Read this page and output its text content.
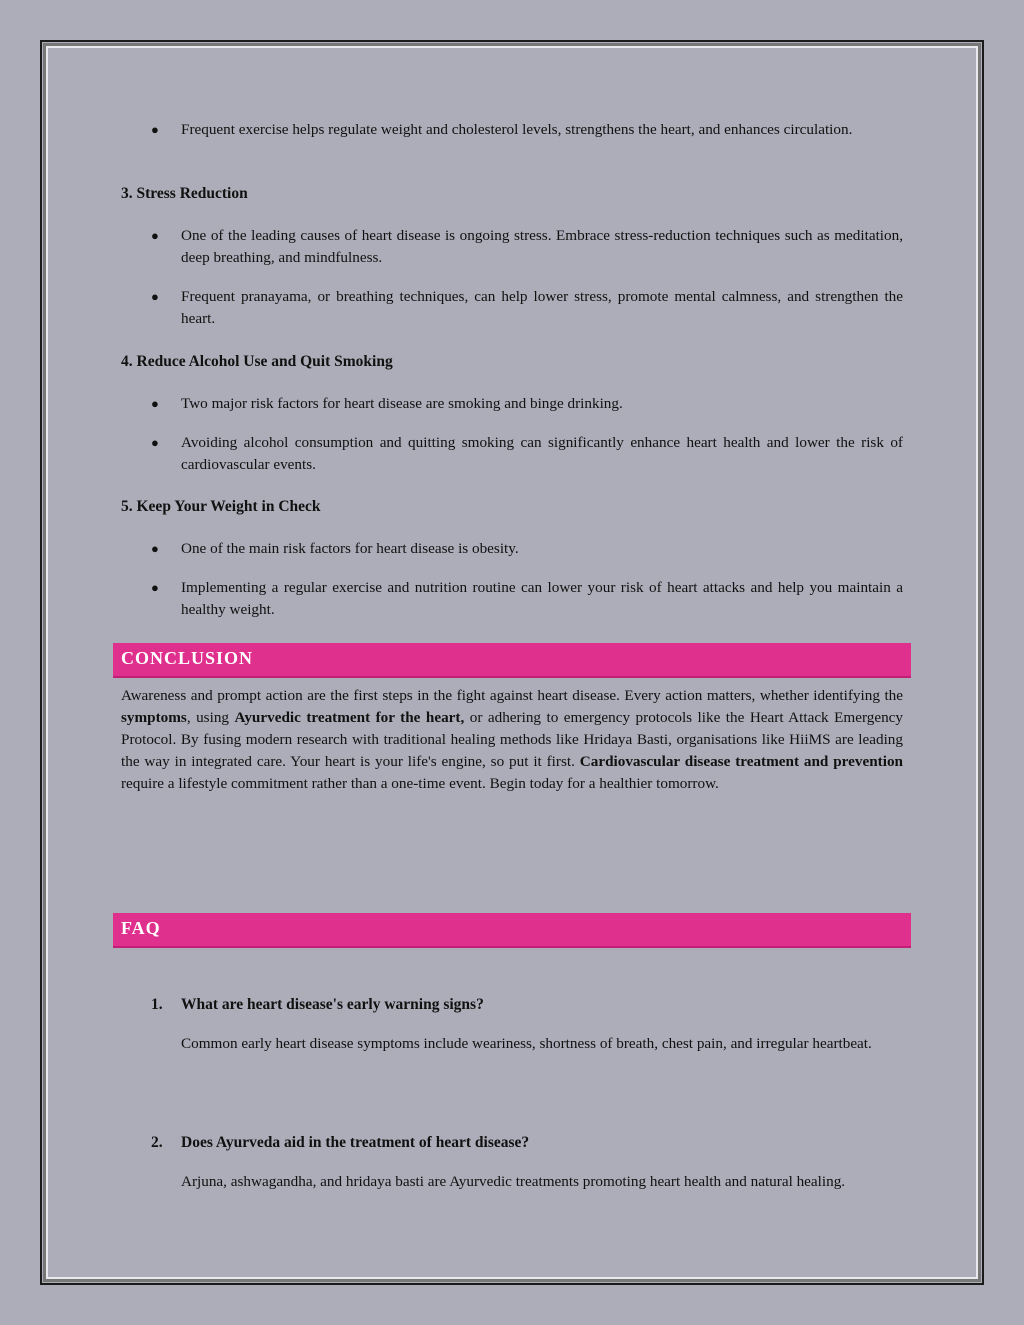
● Frequent exercise helps regulate weight and cholesterol levels, strengthens the heart, and enhances circulation.

3. Stress Reduction

● One of the leading causes of heart disease is ongoing stress. Embrace stress-reduction techniques such as meditation, deep breathing, and mindfulness.
● Frequent pranayama, or breathing techniques, can help lower stress, promote mental calmness, and strengthen the heart.

4. Reduce Alcohol Use and Quit Smoking

● Two major risk factors for heart disease are smoking and binge drinking.
● Avoiding alcohol consumption and quitting smoking can significantly enhance heart health and lower the risk of cardiovascular events.

5. Keep Your Weight in Check

● One of the main risk factors for heart disease is obesity.
● Implementing a regular exercise and nutrition routine can lower your risk of heart attacks and help you maintain a healthy weight.
CONCLUSION

Awareness and prompt action are the first steps in the fight against heart disease. Every action matters, whether identifying the symptoms, using Ayurvedic treatment for the heart, or adhering to emergency protocols like the Heart Attack Emergency Protocol. By fusing modern research with traditional healing methods like Hridaya Basti, organisations like HiiMS are leading the way in integrated care. Your heart is your life's engine, so put it first. Cardiovascular disease treatment and prevention require a lifestyle commitment rather than a one-time event. Begin today for a healthier tomorrow.

FAQ
1. What are heart disease's early warning signs?

Common early heart disease symptoms include weariness, shortness of breath, chest pain, and irregular heartbeat.

2. Does Ayurveda aid in the treatment of heart disease?

Arjuna, ashwagandha, and hridaya basti are Ayurvedic treatments promoting heart health and natural healing.
